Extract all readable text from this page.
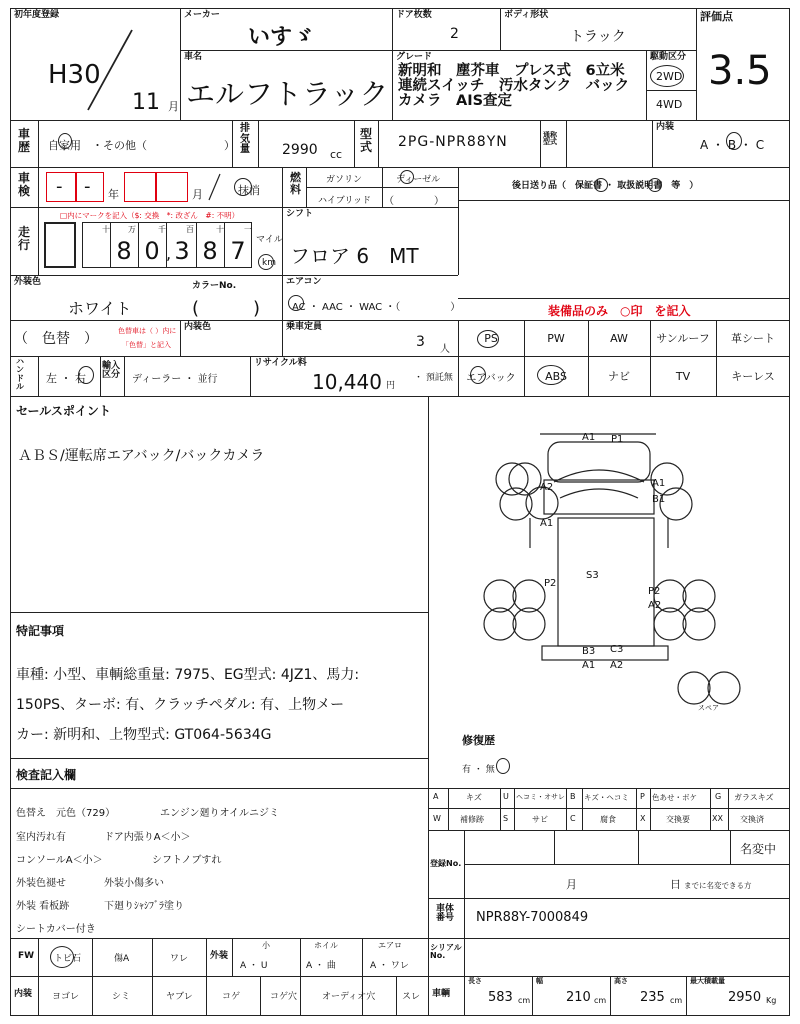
初年度登録
H30
11 月
メーカー
いすゞ
ドア枚数
2
ボディ形状
トラック
評価点
3.5
車名
エルフトラック
グレード
新明和　塵芥車　プレス式　6立米 連続スイッチ　汚水タンク　バックカメラ　AIS査定
駆動区分
2WD
4WD
車歴 自家用　・その他（　　　　　　　）
排気量 2990 cc
型式 2PG-NPR88YN	通称型式
内装
A ・ B ・ C
車検 - - 年	月	抹消
燃料
ガソリン	ディーゼル
ハイブリッド （　　　　）
後日送り品（　保証書 ・ 取扱説明書　等　）
走行
□内にマークを記入（$: 交換　*: 改ざん　#: 不明）
十 万	千	百	十	一
8 0 , 3 8 7	マイル
km
シフト
フロア 6　MT
外装色
ホワイト
カラーNo.
(　　　)
エアコン
AC ・ AAC ・ WAC ・（　　　　　）	装備品のみ　○印　を記入
（　色替　）	色替車は（ ）内に
「色替」と記入
内装色	乗車定員
3 人
ハンドル
左 ・ 右
輸入区分 ディーラー ・ 並行
リサイクル料
10,440 円
・ 預託無
PS	PW	AW	サンルーフ	革シート
エアバック	ABS	ナビ	TV	キーレス
セールスポイント
ＡＢＳ/運転席エアバック/バックカメラ
特記事項
車種: 小型、車輌総重量: 7975、EG型式: 4JZ1、馬力:
150PS、ターボ: 有、クラッチペダル: 有、上物メー
カー: 新明和、上物型式: GT064-5634G
検査記入欄
色替え　元色（729）	エンジン廻りオイルニジミ
室内汚れ有	ドア内張りA＜小＞
コンソールA＜小＞	シフトノブすれ
外装色褪せ	外装小傷多い
外装 看板跡	下廻りｼｬｼﾌﾞﾗ塗り
シートカバー付き
A1 P1
A2	A1
B1
A1
S3
P2
P2
A2
B3 C3
A1 A2
スペア
修復歴
有 ・ 無
A	キズ	U ヘコミ・オサレ B キズ・ヘコミ P 色あせ・ボケ G ガラスキズ
W 補修跡 S	サビ	C	腐食	X	交換要	XX 交換済
登録No.
名変中
月	日 までに名変できる方
車体番号	NPR88Y-7000849
FW トビ石	傷A	ワレ 外装
小
A ・ U
ホイル
A ・ 曲
エアロ
A ・ ワレ
シリアルNo.
内装 ヨゴレ	シミ	ヤブレ	コゲ	コゲ穴	オーディオ穴	スレ 車輌
長さ
583 cm
幅
210 cm
高さ
235 cm
最大積載量
2950 Kg
